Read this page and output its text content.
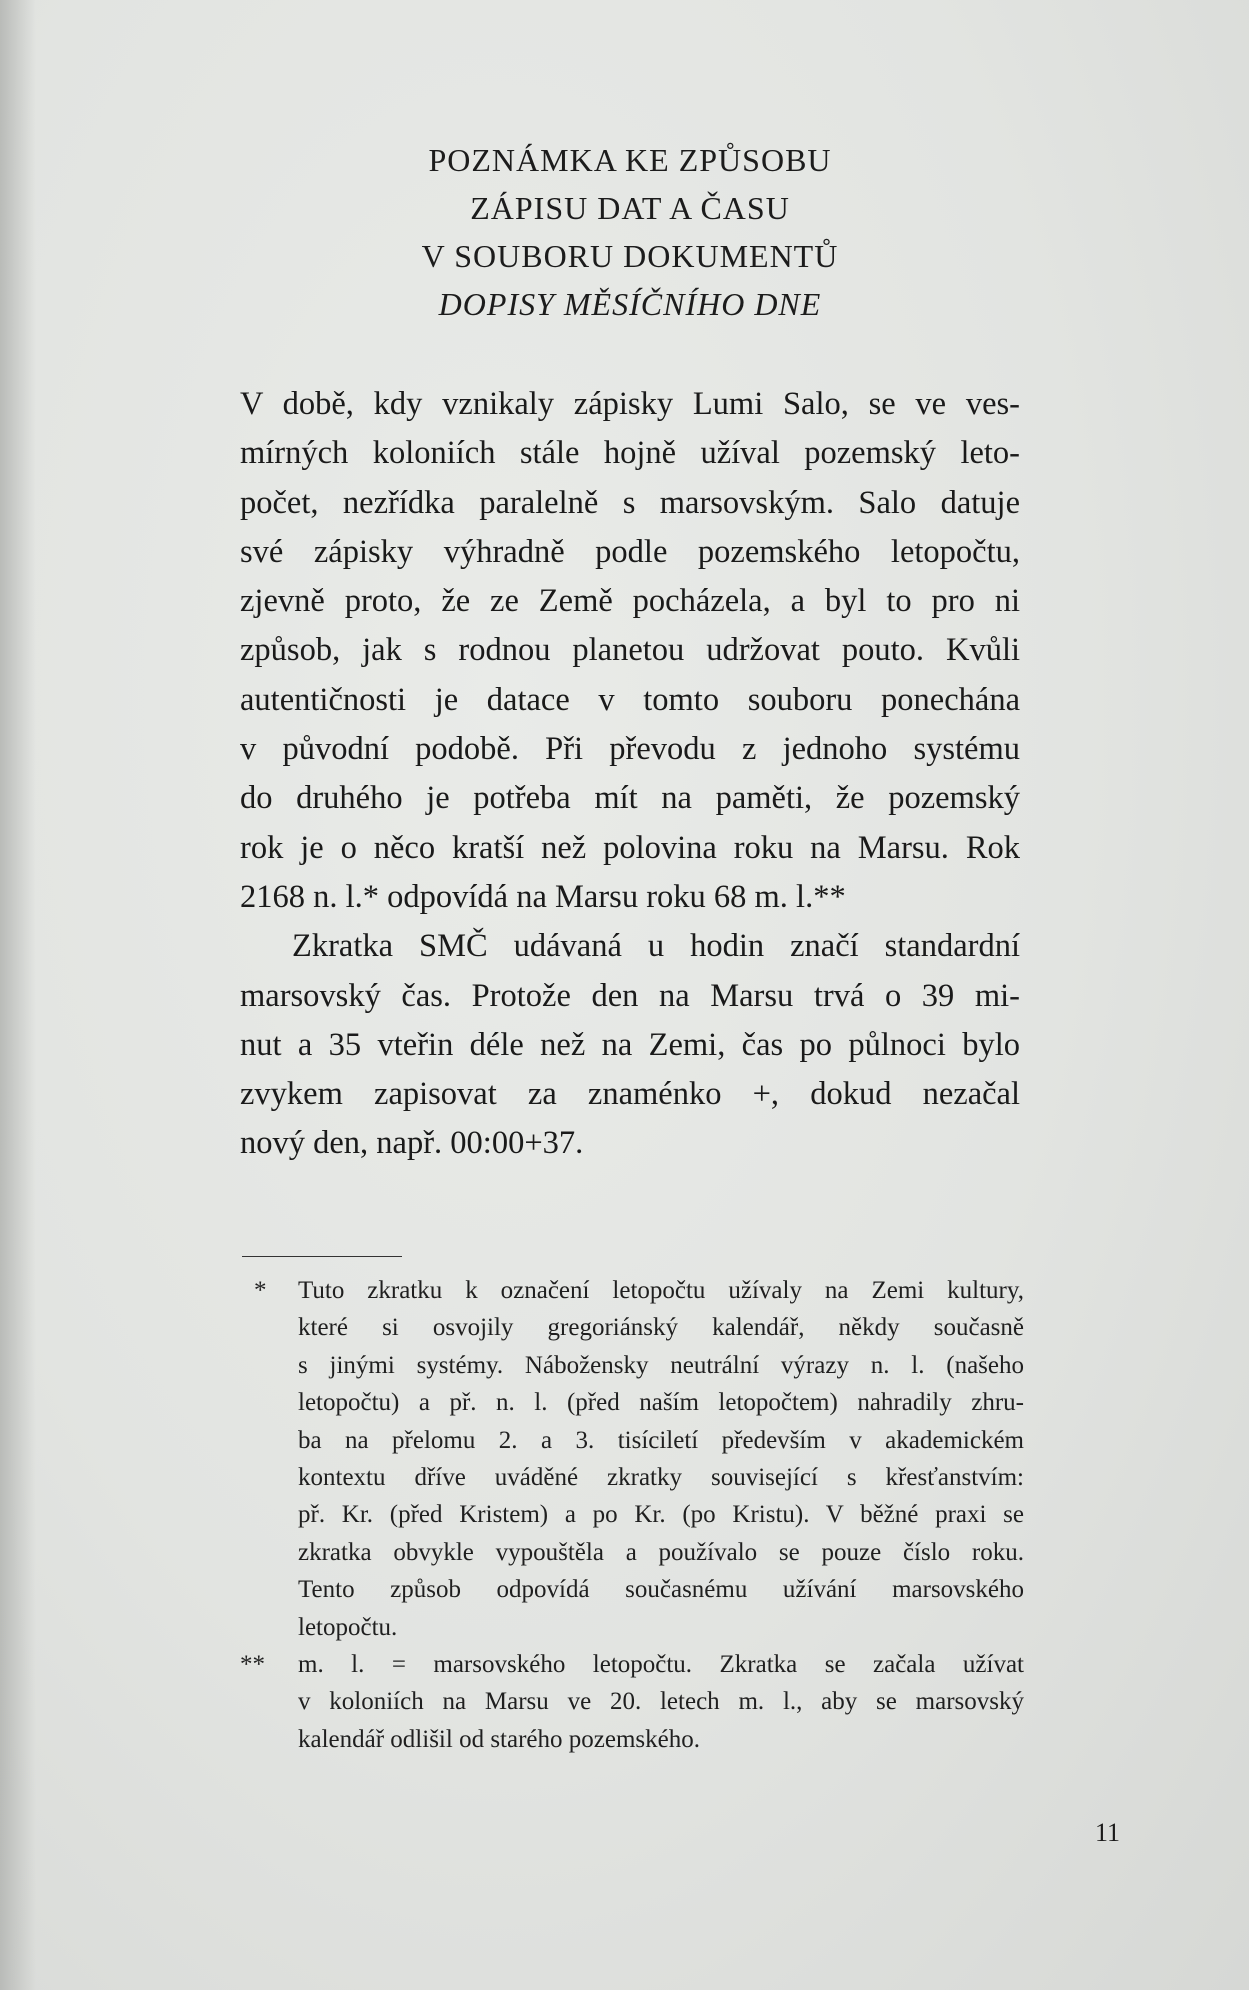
POZNÁMKA KE ZPŮSOBU
ZÁPISU DAT A ČASU
V SOUBORU DOKUMENTŮ
DOPISY MĚSÍČNÍHO DNE
V době, kdy vznikaly zápisky Lumi Salo, se ve ves-
mírných koloniích stále hojně užíval pozemský leto-
počet, nezřídka paralelně s marsovským. Salo datuje
své zápisky výhradně podle pozemského letopočtu,
zjevně proto, že ze Země pocházela, a byl to pro ni
způsob, jak s rodnou planetou udržovat pouto. Kvůli
autentičnosti je datace v tomto souboru ponechána
v původní podobě. Při převodu z jednoho systému
do druhého je potřeba mít na paměti, že pozemský
rok je o něco kratší než polovina roku na Marsu. Rok
2168 n. l.* odpovídá na Marsu roku 68 m. l.**
Zkratka SMČ udávaná u hodin značí standardní
marsovský čas. Protože den na Marsu trvá o 39 mi-
nut a 35 vteřin déle než na Zemi, čas po půlnoci bylo
zvykem zapisovat za znaménko +, dokud nezačal
nový den, např. 00:00+37.
* Tuto zkratku k označení letopočtu užívaly na Zemi kultury,
které si osvojily gregoriánský kalendář, někdy současně
s jinými systémy. Nábožensky neutrální výrazy n. l. (našeho
letopočtu) a př. n. l. (před naším letopočtem) nahradily zhru-
ba na přelomu 2. a 3. tisíciletí především v akademickém
kontextu dříve uváděné zkratky související s křesťanstvím:
př. Kr. (před Kristem) a po Kr. (po Kristu). V běžné praxi se
zkratka obvykle vypouštěla a používalo se pouze číslo roku.
Tento způsob odpovídá současnému užívání marsovského
letopočtu.
** m. l. = marsovského letopočtu. Zkratka se začala užívat
v koloniích na Marsu ve 20. letech m. l., aby se marsovský
kalendář odlišil od starého pozemského.
11
